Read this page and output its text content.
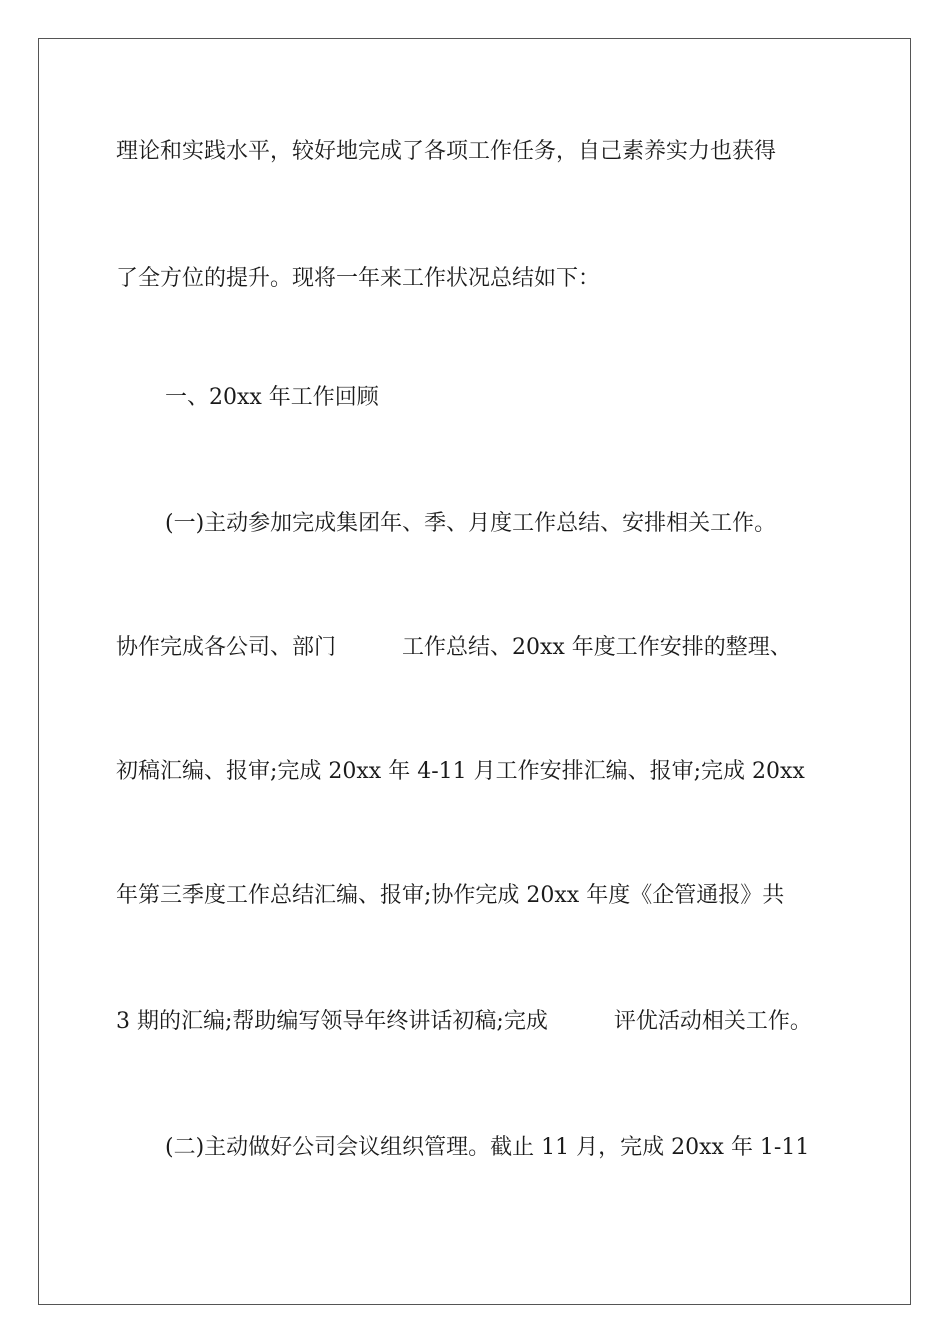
理论和实践水平，较好地完成了各项工作任务，自己素养实力也获得

了全方位的提升。现将一年来工作状况总结如下：

一、20xx 年工作回顾

(一)主动参加完成集团年、季、月度工作总结、安排相关工作。

协作完成各公司、部门　　　工作总结、20xx 年度工作安排的整理、

初稿汇编、报审;完成 20xx 年 4-11 月工作安排汇编、报审;完成 20xx

年第三季度工作总结汇编、报审;协作完成 20xx 年度《企管通报》共

3 期的汇编;帮助编写领导年终讲话初稿;完成　　　评优活动相关工作。

(二)主动做好公司会议组织管理。截止 11 月，完成 20xx 年 1-11
